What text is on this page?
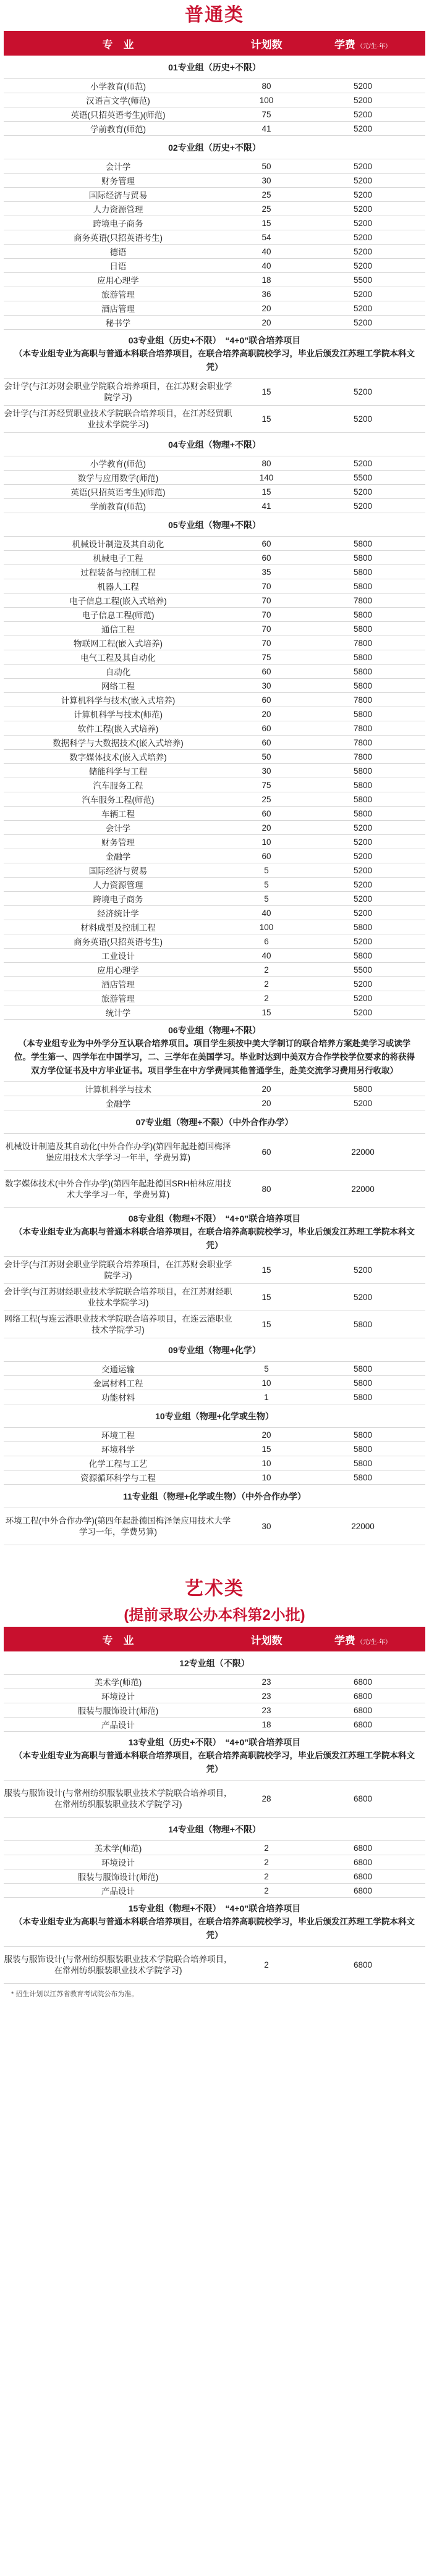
普通类
专　业	计划数	学费 （元/生·年）
01专业组（历史+不限）
小学教育(师范)	80	5200
汉语言文学(师范)	100	5200
英语(只招英语考生)(师范)	75	5200
学前教育(师范)	41	5200
02专业组（历史+不限）
会计学	50	5200
财务管理	30	5200
国际经济与贸易	25	5200
人力资源管理	25	5200
跨境电子商务	15	5200
商务英语(只招英语考生)	54	5200
德语	40	5200
日语	40	5200
应用心理学	18	5500
旅游管理	36	5200
酒店管理	20	5200
秘书学	20	5200
03专业组（历史+不限）　“4+0”联合培养项目
（本专业组专业为高职与普通本科联合培养项目，在联合培养高职院校学习，毕业后颁发江苏理工学院本科文凭）
会计学(与江苏财会职业学院联合培养项目，在江苏财会职业学院学习)
15	5200
会计学(与江苏经贸职业技术学院联合培养项目，在江苏经贸职业技术学院学习)
15	5200
04专业组（物理+不限）
小学教育(师范)	80	5200
数学与应用数学(师范)	140	5500
英语(只招英语考生)(师范)	15	5200
学前教育(师范)	41	5200
05专业组（物理+不限）
机械设计制造及其自动化	60	5800
机械电子工程	60	5800
过程装备与控制工程	35	5800
机器人工程	70	5800
电子信息工程(嵌入式培养)	70	7800
电子信息工程(师范)	70	5800
通信工程	70	5800
物联网工程(嵌入式培养)	70	7800
电气工程及其自动化	75	5800
自动化	60	5800
网络工程	30	5800
计算机科学与技术(嵌入式培养)	60	7800
计算机科学与技术(师范)	20	5800
软件工程(嵌入式培养)	60	7800
数据科学与大数据技术(嵌入式培养)	60	7800
数字媒体技术(嵌入式培养)	50	7800
储能科学与工程	30	5800
汽车服务工程	75	5800
汽车服务工程(师范)	25	5800
车辆工程	60	5800
会计学	20	5200
财务管理	10	5200
金融学	60	5200
国际经济与贸易	5	5200
人力资源管理	5	5200
跨境电子商务	5	5200
经济统计学	40	5200
材料成型及控制工程	100	5800
商务英语(只招英语考生)	6	5200
工业设计	40	5800
应用心理学	2	5500
酒店管理	2	5200
旅游管理	2	5200
统计学	15	5200
06专业组（物理+不限）
（本专业组专业为中外学分互认联合培养项目。项目学生须按中美大学制订的联合培养方案赴美学习或读学位。学生第一、四学年在中国学习，二、三学年在美国学习。毕业时达到中美双方合作学校学位要求的将获得双方学位证书及中方毕业证书。项目学生在中方学费同其他普通学生，赴美交流学习费用另行收取）
计算机科学与技术	20	5800
金融学	20	5200
07专业组（物理+不限）（中外合作办学）
机械设计制造及其自动化(中外合作办学)(第四年起赴德国梅泽堡应用技术大学学习一年半，学费另算)
60	22000
数字媒体技术(中外合作办学)(第四年起赴德国SRH柏林应用技术大学学习一年，学费另算)
80	22000
08专业组（物理+不限）　“4+0”联合培养项目
（本专业组专业为高职与普通本科联合培养项目，在联合培养高职院校学习，毕业后颁发江苏理工学院本科文凭）
会计学(与江苏财会职业学院联合培养项目，在江苏财会职业学院学习)
15	5200
会计学(与江苏财经职业技术学院联合培养项目，在江苏财经职业技术学院学习)
15	5200
网络工程(与连云港职业技术学院联合培养项目，在连云港职业技术学院学习)
15	5800
09专业组（物理+化学）
交通运输	5	5800
金属材料工程	10	5800
功能材料	1	5800
10专业组（物理+化学或生物）
环境工程	20	5800
环境科学	15	5800
化学工程与工艺	10	5800
资源循环科学与工程	10	5800
11专业组（物理+化学或生物）（中外合作办学）
环境工程(中外合作办学)(第四年起赴德国梅泽堡应用技术大学学习一年，学费另算)
30	22000
艺术类
(提前录取公办本科第2小批)
专　业	计划数	学费 （元/生·年）
12专业组（不限）
美术学(师范)	23	6800
环境设计	23	6800
服装与服饰设计(师范)	23	6800
产品设计	18	6800
13专业组（历史+不限）　“4+0”联合培养项目
（本专业组专业为高职与普通本科联合培养项目，在联合培养高职院校学习，毕业后颁发江苏理工学院本科文凭）
服装与服饰设计(与常州纺织服装职业技术学院联合培养项目，在常州纺织服装职业技术学院学习)
28	6800
14专业组（物理+不限）
美术学(师范)	2	6800
环境设计	2	6800
服装与服饰设计(师范)	2	6800
产品设计	2	6800
15专业组（物理+不限）　“4+0”联合培养项目
（本专业组专业为高职与普通本科联合培养项目，在联合培养高职院校学习，毕业后颁发江苏理工学院本科文凭）
服装与服饰设计(与常州纺织服装职业技术学院联合培养项目，在常州纺织服装职业技术学院学习)
2	6800
* 招生计划以江苏省教育考试院公布为准。
